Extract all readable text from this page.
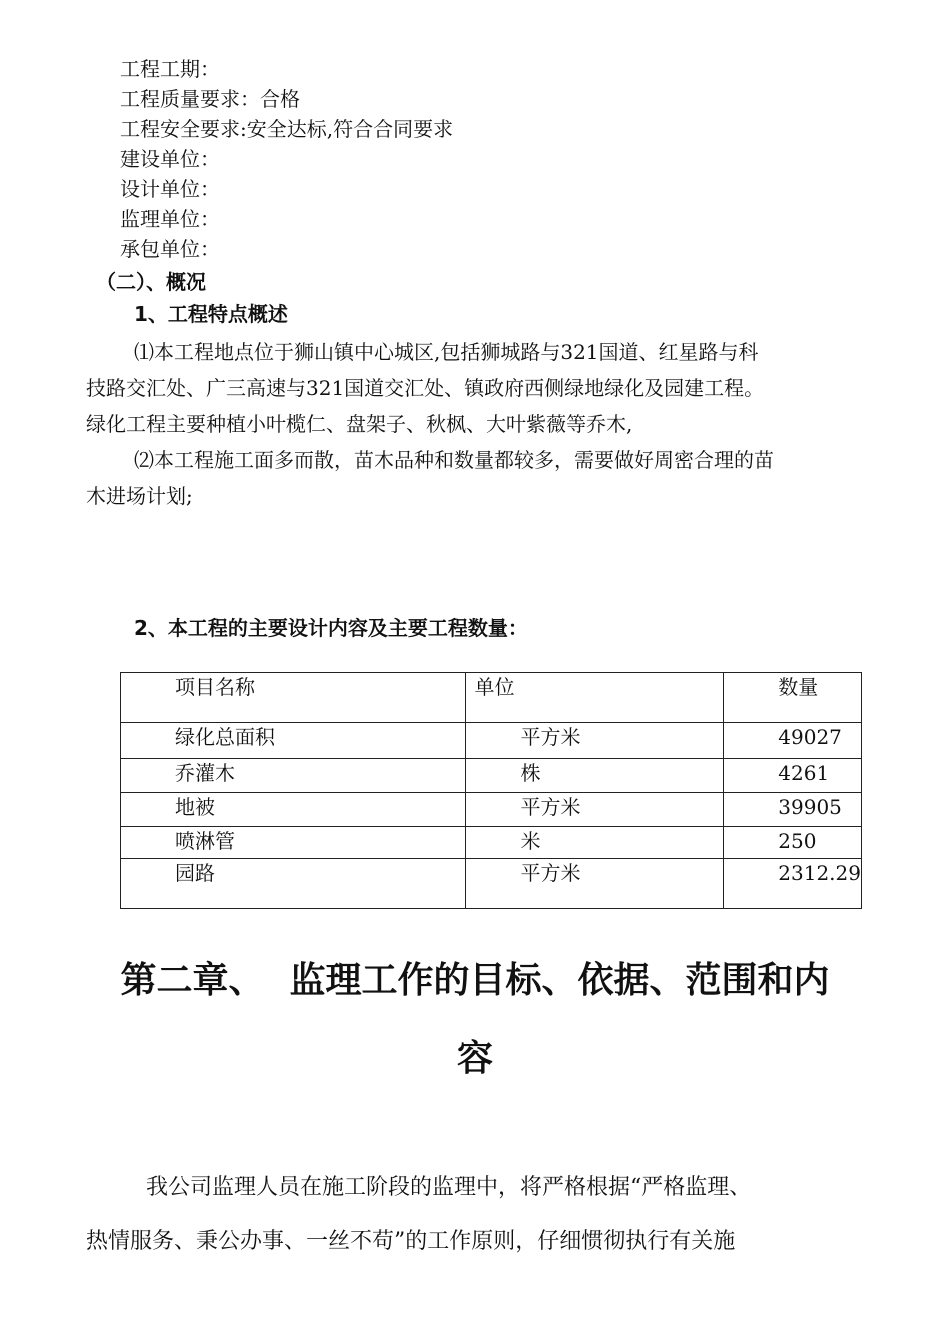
工程工期：
工程质量要求：合格
工程安全要求:安全达标,符合合同要求
建设单位：
设计单位：
监理单位：
承包单位：
（二）、概况
1、工程特点概述
⑴本工程地点位于狮山镇中心城区,包括狮城路与321国道、红星路与科
技路交汇处、广三高速与321国道交汇处、镇政府西侧绿地绿化及园建工程。
绿化工程主要种植小叶榄仁、盘架子、秋枫、大叶紫薇等乔木,
⑵本工程施工面多而散，苗木品种和数量都较多，需要做好周密合理的苗
木进场计划;
2、本工程的主要设计内容及主要工程数量：
项目名称	单位	数量
绿化总面积	平方米	49027
乔灌木	株	4261
地被	平方米	39905
喷淋管	米	250
园路	平方米	2312.29
第二章、  监理工作的目标、依据、范围和内
容
我公司监理人员在施工阶段的监理中，将严格根据“严格监理、
热情服务、秉公办事、一丝不苟”的工作原则，仔细惯彻执行有关施
